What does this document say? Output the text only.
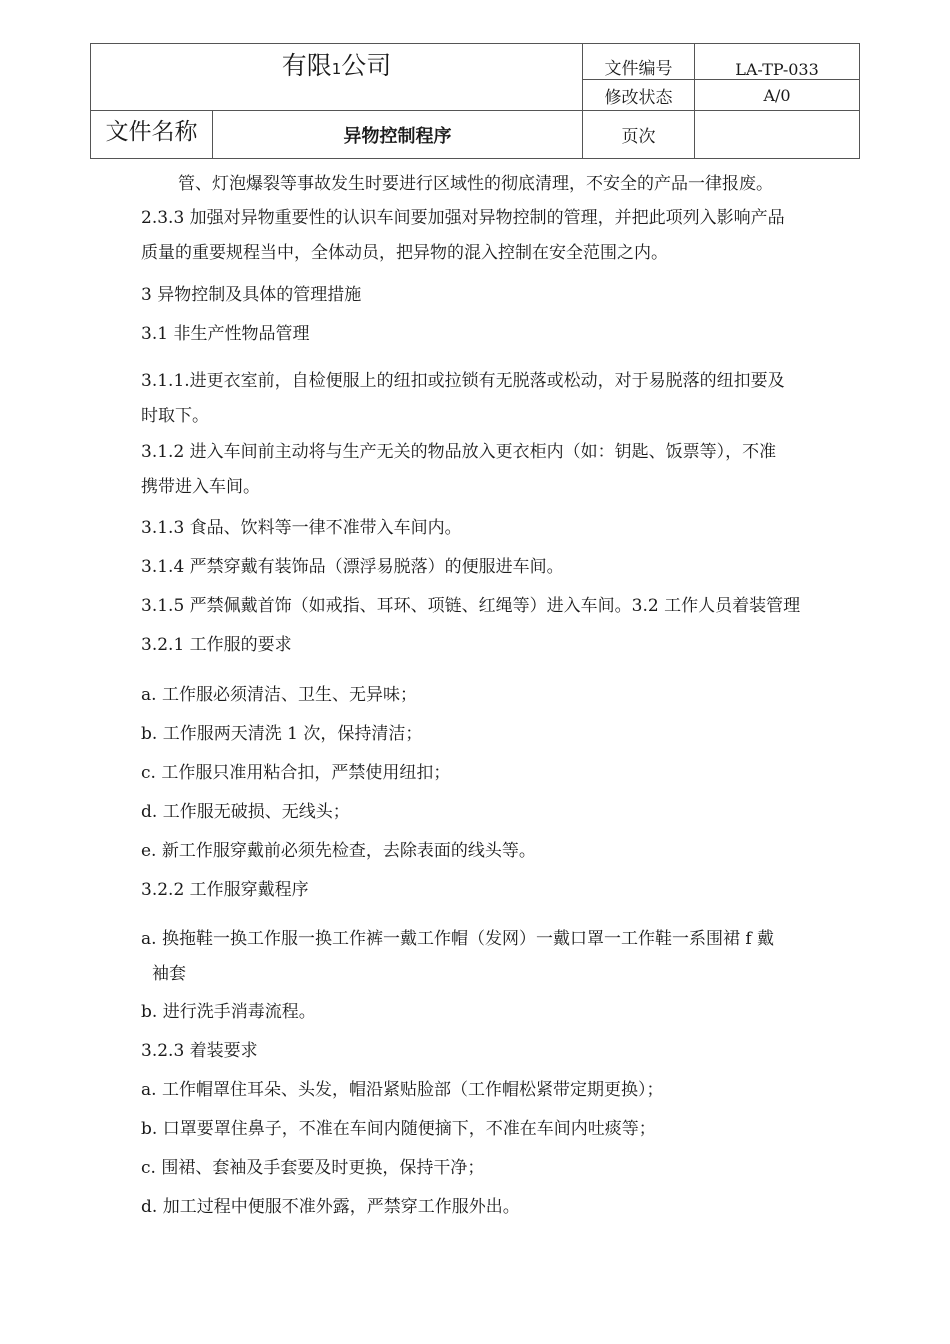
有限1公司		文件编号	LA-TP-033
		修改状态	A/0
文件名称	异物控制程序	页次	

管、灯泡爆裂等事故发生时要进行区域性的彻底清理，不安全的产品一律报废。

2.3.3 加强对异物重要性的认识车间要加强对异物控制的管理，并把此项列入影响产品

质量的重要规程当中，全体动员，把异物的混入控制在安全范围之内。

3 异物控制及具体的管理措施

3.1 非生产性物品管理

3.1.1.进更衣室前，自检便服上的纽扣或拉锁有无脱落或松动，对于易脱落的纽扣要及

时取下。

3.1.2 进入车间前主动将与生产无关的物品放入更衣柜内（如：钥匙、饭票等），不准

携带进入车间。

3.1.3 食品、饮料等一律不准带入车间内。

3.1.4 严禁穿戴有装饰品（漂浮易脱落）的便服进车间。

3.1.5 严禁佩戴首饰（如戒指、耳环、项链、红绳等）进入车间。3.2 工作人员着装管理

3.2.1 工作服的要求

a. 工作服必须清洁、卫生、无异味；

b. 工作服两天清洗 1 次，保持清洁；

c. 工作服只准用粘合扣，严禁使用纽扣；

d. 工作服无破损、无线头；

e. 新工作服穿戴前必须先检查，去除表面的线头等。

3.2.2 工作服穿戴程序

a. 换拖鞋一换工作服一换工作裤一戴工作帽（发网）一戴口罩一工作鞋一系围裙 f 戴

袖套

b. 进行洗手消毒流程。

3.2.3 着装要求

a. 工作帽罩住耳朵、头发，帽沿紧贴脸部（工作帽松紧带定期更换）；

b. 口罩要罩住鼻子，不准在车间内随便摘下，不准在车间内吐痰等；

c. 围裙、套袖及手套要及时更换，保持干净；

d. 加工过程中便服不准外露，严禁穿工作服外出。
